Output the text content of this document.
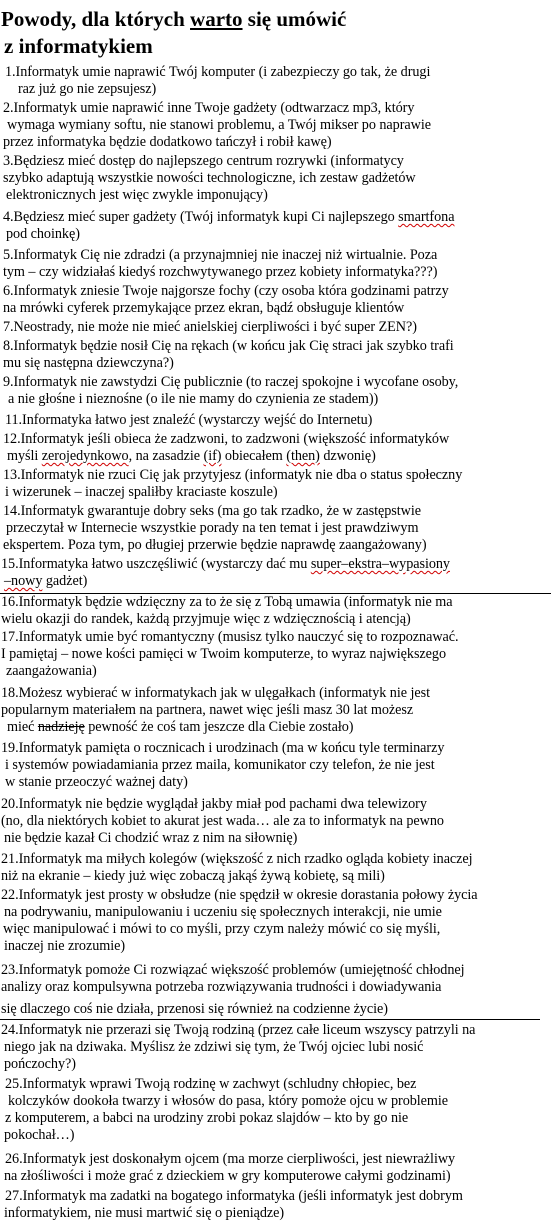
Powody, dla których warto się umówić
z informatykiem
1.Informatyk umie naprawić Twój komputer (i zabezpieczy go tak, że drugi
raz już go nie zepsujesz)
2.Informatyk umie naprawić inne Twoje gadżety (odtwarzacz mp3, który
wymaga wymiany softu, nie stanowi problemu, a Twój mikser po naprawie
przez informatyka będzie dodatkowo tańczył i robił kawę)
3.Będziesz mieć dostęp do najlepszego centrum rozrywki (informatycy
szybko adaptują wszystkie nowości technologiczne, ich zestaw gadżetów
elektronicznych jest więc zwykle imponujący)
4.Będziesz mieć super gadżety (Twój informatyk kupi Ci najlepszego smartfona
pod choinkę)
5.Informatyk Cię nie zdradzi (a przynajmniej nie inaczej niż wirtualnie. Poza
tym – czy widziałaś kiedyś rozchwytywanego przez kobiety informatyka???)
6.Informatyk zniesie Twoje najgorsze fochy (czy osoba która godzinami patrzy
na mrówki cyferek przemykające przez ekran, bądź obsługuje klientów
7.Neostrady, nie może nie mieć anielskiej cierpliwości i być super ZEN?)
8.Informatyk będzie nosił Cię na rękach (w końcu jak Cię straci jak szybko trafi
mu się następna dziewczyna?)
9.Informatyk nie zawstydzi Cię publicznie (to raczej spokojne i wycofane osoby,
a nie głośne i nieznośne (o ile nie mamy do czynienia ze stadem))
11.Informatyka łatwo jest znaleźć (wystarczy wejść do Internetu)
12.Informatyk jeśli obieca że zadzwoni, to zadzwoni (większość informatyków
myśli zerojedynkowo, na zasadzie (if) obiecałem (then) dzwonię)
13.Informatyk nie rzuci Cię jak przytyjesz (informatyk nie dba o status społeczny
i wizerunek – inaczej spaliłby kraciaste koszule)
14.Informatyk gwarantuje dobry seks (ma go tak rzadko, że w zastępstwie
przeczytał w Internecie wszystkie porady na ten temat i jest prawdziwym
ekspertem. Poza tym, po długiej przerwie będzie naprawdę zaangażowany)
15.Informatyka łatwo uszczęśliwić (wystarczy dać mu super–ekstra–wypasiony
–nowy gadżet)
16.Informatyk będzie wdzięczny za to że się z Tobą umawia (informatyk nie ma
wielu okazji do randek, każdą przyjmuje więc z wdzięcznością i atencją)
17.Informatyk umie być romantyczny (musisz tylko nauczyć się to rozpoznawać.
I pamiętaj – nowe kości pamięci w Twoim komputerze, to wyraz największego
zaangażowania)
18.Możesz wybierać w informatykach jak w ulęgałkach (informatyk nie jest
popularnym materiałem na partnera, nawet więc jeśli masz 30 lat możesz
mieć nadzieję pewność że coś tam jeszcze dla Ciebie zostało)
19.Informatyk pamięta o rocznicach i urodzinach (ma w końcu tyle terminarzy
i systemów powiadamiania przez maila, komunikator czy telefon, że nie jest
w stanie przeoczyć ważnej daty)
20.Informatyk nie będzie wyglądał jakby miał pod pachami dwa telewizory
(no, dla niektórych kobiet to akurat jest wada… ale za to informatyk na pewno
nie będzie kazał Ci chodzić wraz z nim na siłownię)
21.Informatyk ma miłych kolegów (większość z nich rzadko ogląda kobiety inaczej
niż na ekranie – kiedy już więc zobaczą jakąś żywą kobietę, są mili)
22.Informatyk jest prosty w obsłudze (nie spędził w okresie dorastania połowy życia
na podrywaniu, manipulowaniu i uczeniu się społecznych interakcji, nie umie
więc manipulować i mówi to co myśli, przy czym należy mówić co się myśli,
inaczej nie zrozumie)
23.Informatyk pomoże Ci rozwiązać większość problemów (umiejętność chłodnej
analizy oraz kompulsywna potrzeba rozwiązywania trudności i dowiadywania
się dlaczego coś nie działa, przenosi się również na codzienne życie)
24.Informatyk nie przerazi się Twoją rodziną (przez całe liceum wszyscy patrzyli na
niego jak na dziwaka. Myślisz że zdziwi się tym, że Twój ojciec lubi nosić
pończochy?)
25.Informatyk wprawi Twoją rodzinę w zachwyt (schludny chłopiec, bez
kolczyków dookoła twarzy i włosów do pasa, który pomoże ojcu w problemie
z komputerem, a babci na urodziny zrobi pokaz slajdów – kto by go nie
pokochał…)
26.Informatyk jest doskonałym ojcem (ma morze cierpliwości, jest niewrażliwy
na złośliwości i może grać z dzieckiem w gry komputerowe całymi godzinami)
27.Informatyk ma zadatki na bogatego informatyka (jeśli informatyk jest dobrym
informatykiem, nie musi martwić się o pieniądze)
